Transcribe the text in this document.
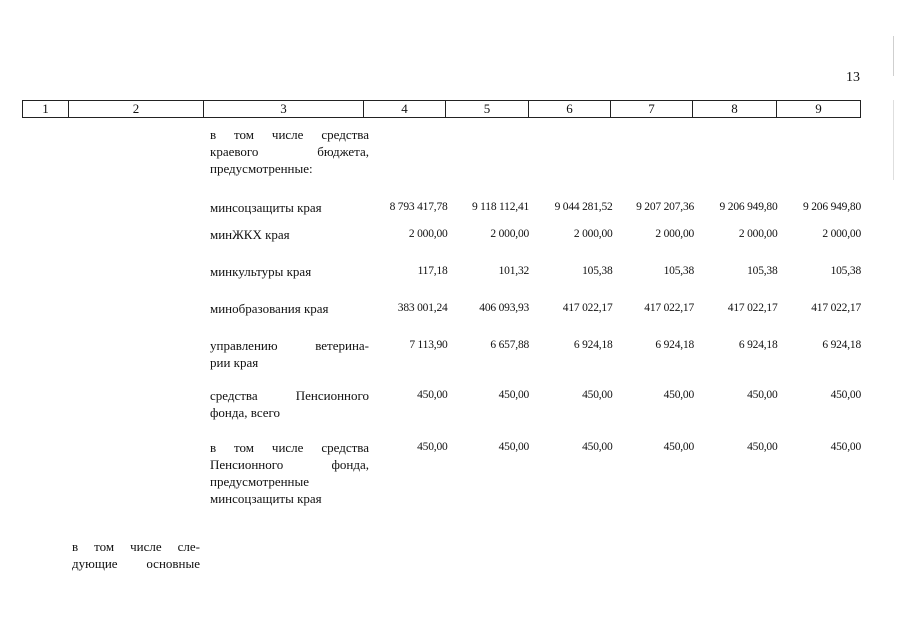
13
1	2	3	4	5	6	7	8	9
в том числе средства
краевого бюджета,
предусмотренные:
минсоцзащиты края	8 793 417,78	9 118 112,41	9 044 281,52	9 207 207,36	9 206 949,80	9 206 949,80
минЖКХ края	2 000,00	2 000,00	2 000,00	2 000,00	2 000,00	2 000,00
минкультуры края	117,18	101,32	105,38	105,38	105,38	105,38
минобразования края	383 001,24	406 093,93	417 022,17	417 022,17	417 022,17	417 022,17
управлению ветерина-
рии края
7 113,90	6 657,88	6 924,18	6 924,18	6 924,18	6 924,18
средства Пенсионного
фонда, всего
450,00	450,00	450,00	450,00	450,00	450,00
в том числе средства
Пенсионного фонда,
предусмотренные
минсоцзащиты края
450,00	450,00	450,00	450,00	450,00	450,00
в том числе сле-
дующие основные
